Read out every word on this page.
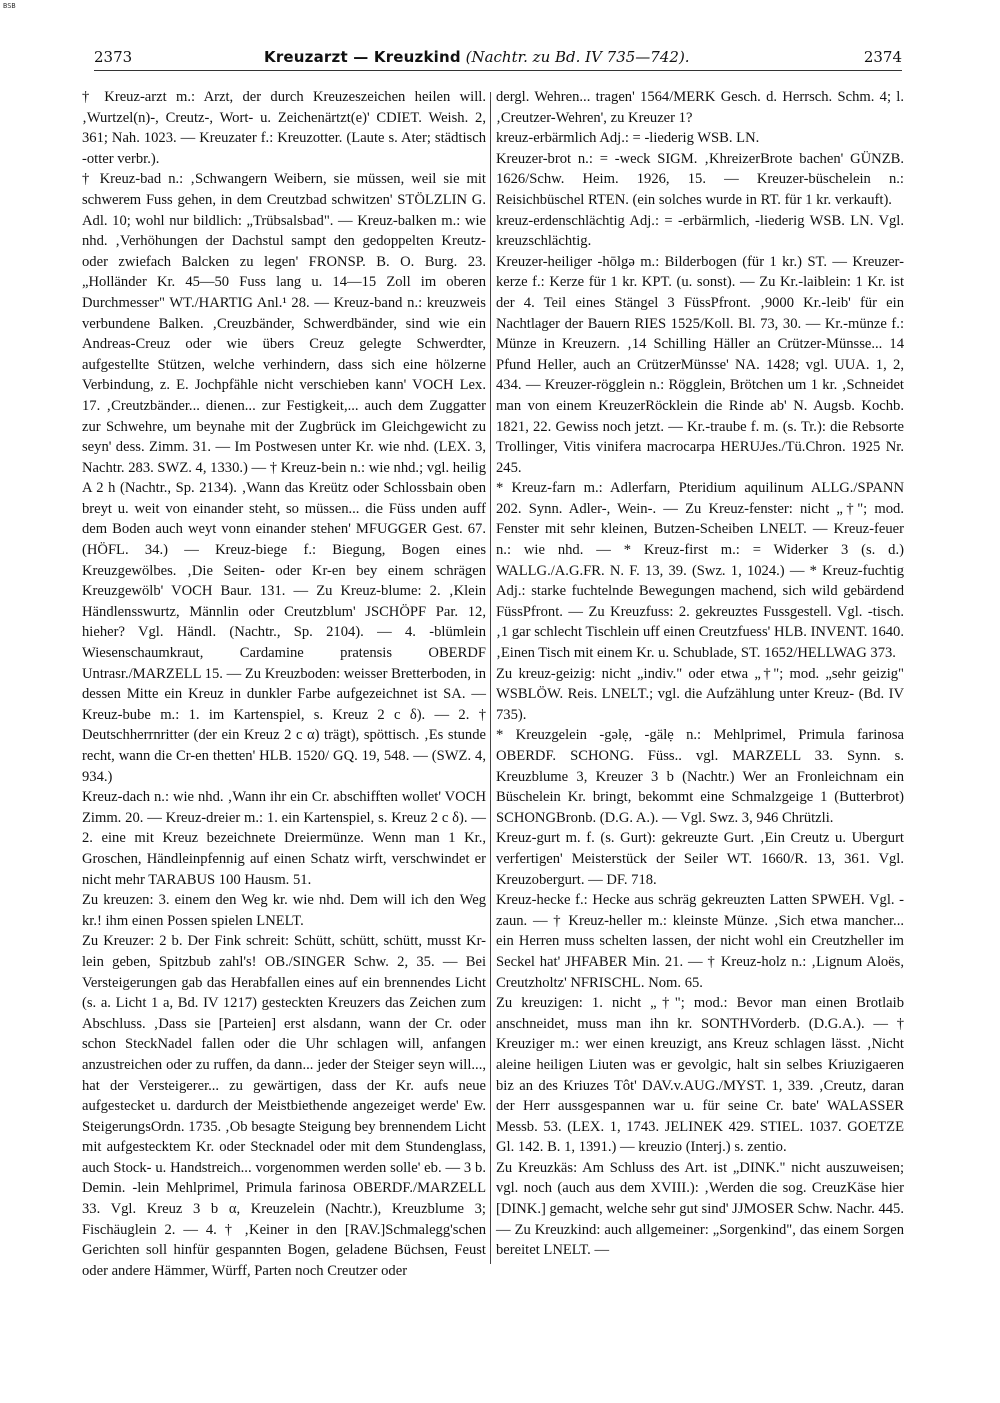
BSB
2373	Kreuzarzt — Kreuzkind (Nachtr. zu Bd. IV 735—742).	2374

† Kreuz-arzt m.: Arzt, der durch Kreuzeszeichen heilen will. ‚Wurtzel(n)-, Creutz-, Wort- u. Zeichenärtzt(e)' CDIET. Weish. 2, 361; Nah. 1023. — Kreuzater f.: Kreuzotter. (Laute s. Ater; städtisch -otter verbr.).

† Kreuz-bad n.: ‚Schwangern Weibern, sie müssen, weil sie mit schwerem Fuss gehen, in dem Creutzbad schwitzen' STÖLZLIN G. Adl. 10; wohl nur bildlich: „Trübsalsbad". — Kreuz-balken m.: wie nhd. ‚Verhöhungen der Dachstul sampt den gedoppelten Kreutz- oder zwiefach Balcken zu legen' FRONSP. B. O. Burg. 23. „Holländer Kr. 45—50 Fuss lang u. 14—15 Zoll im oberen Durchmesser" WT./HARTIG Anl.¹ 28. — Kreuz-band n.: kreuzweis verbundene Balken. ‚Creuzbänder, Schwerdbänder, sind wie ein Andreas-Creuz oder wie übers Creuz gelegte Schwerdter, aufgestellte Stützen, welche verhindern, dass sich eine hölzerne Verbindung, z. E. Jochpfähle nicht verschieben kann' VOCH Lex. 17. ‚Creutzbänder... dienen... zur Festigkeit,... auch dem Zuggatter zur Schwehre, um beynahe mit der Zugbrück im Gleichgewicht zu seyn' dess. Zimm. 31. — Im Postwesen unter Kr. wie nhd. (LEX. 3, Nachtr. 283. SWZ. 4, 1330.) — † Kreuz-bein n.: wie nhd.; vgl. heilig A 2 h (Nachtr., Sp. 2134). ‚Wann das Kreütz oder Schlossbain oben breyt u. weit von einander steht, so müssen... die Füss unden auff dem Boden auch weyt vonn einander stehen' MFUGGER Gest. 67. (HÖFL. 34.) — Kreuz-biege f.: Biegung, Bogen eines Kreuzgewölbes. ‚Die Seiten- oder Kr-en bey einem schrägen Kreuzgewölb' VOCH Baur. 131. — Zu Kreuz-blume: 2. ‚Klein Händlensswurtz, Männlin oder Creutzblum' JSCHÖPF Par. 12, hieher? Vgl. Händl. (Nachtr., Sp. 2104). — 4. -blümlein Wiesenschaumkraut, Cardamine pratensis OBERDF Untrasr./MARZELL 15. — Zu Kreuzboden: weisser Bretterboden, in dessen Mitte ein Kreuz in dunkler Farbe aufgezeichnet ist SA. — Kreuz-bube m.: 1. im Kartenspiel, s. Kreuz 2 c δ). — 2. † Deutschherrnritter (der ein Kreuz 2 c α) trägt), spöttisch. ‚Es stunde recht, wann die Cr-en thetten' HLB. 1520/ GQ. 19, 548. — (SWZ. 4, 934.)

Kreuz-dach n.: wie nhd. ‚Wann ihr ein Cr. abschifften wollet' VOCH Zimm. 20. — Kreuz-dreier m.: 1. ein Kartenspiel, s. Kreuz 2 c δ). — 2. eine mit Kreuz bezeichnete Dreiermünze. Wenn man 1 Kr., Groschen, Händleinpfennig auf einen Schatz wirft, verschwindet er nicht mehr TARABUS 100 Hausm. 51.

Zu kreuzen: 3. einem den Weg kr. wie nhd. Dem will ich den Weg kr.! ihm einen Possen spielen LNELT.

Zu Kreuzer: 2 b. Der Fink schreit: Schütt, schütt, schütt, musst Kr-lein geben, Spitzbub zahl's! OB./SINGER Schw. 2, 35. — Bei Versteigerungen gab das Herabfallen eines auf ein brennendes Licht (s. a. Licht 1 a, Bd. IV 1217) gesteckten Kreuzers das Zeichen zum Abschluss. ‚Dass sie [Parteien] erst alsdann, wann der Cr. oder schon SteckNadel fallen oder die Uhr schlagen will, anfangen anzustreichen oder zu ruffen, da dann... jeder der Steiger seyn will..., hat der Versteigerer... zu gewärtigen, dass der Kr. aufs neue aufgestecket u. dardurch der Meistbiethende angezeiget werde' Ew. SteigerungsOrdn. 1735. ‚Ob besagte Steigung bey brennendem Licht mit aufgestecktem Kr. oder Stecknadel oder mit dem Stundenglass, auch Stock- u. Handstreich... vorgenommen werden solle' eb. — 3 b. Demin. -lein Mehlprimel, Primula farinosa OBERDF./MARZELL 33. Vgl. Kreuz 3 b α, Kreuzelein (Nachtr.), Kreuzblume 3; Fischäuglein 2. — 4. † ‚Keiner in den [RAV.]Schmalegg'schen Gerichten soll hinfür gespannten Bogen, geladene Büchsen, Feust oder andere Hämmer, Würff, Parten noch Creutzer oder

dergl. Wehren... tragen' 1564/MERK Gesch. d. Herrsch. Schm. 4; l. ‚Creutzer-Wehren', zu Kreuzer 1?

kreuz-erbärmlich Adj.: = -liederig WSB. LN.

Kreuzer-brot n.: = -weck SIGM. ‚KhreizerBrote bachen' GÜNZB. 1626/Schw. Heim. 1926, 15. — Kreuzer-büschelein n.: Reisichbüschel RTEN. (ein solches wurde in RT. für 1 kr. verkauft).

kreuz-erdenschlächtig Adj.: = -erbärmlich, -liederig WSB. LN. Vgl. kreuzschlächtig.

Kreuzer-heiliger -hōlgə m.: Bilderbogen (für 1 kr.) ST. — Kreuzer-kerze f.: Kerze für 1 kr. KPT. (u. sonst). — Zu Kr.-laiblein: 1 Kr. ist der 4. Teil eines Stängel 3 FüssPfront. ‚9000 Kr.-leib' für ein Nachtlager der Bauern RIES 1525/Koll. Bl. 73, 30. — Kr.-münze f.: Münze in Kreuzern. ‚14 Schilling Häller an Crützer-Münsse... 14 Pfund Heller, auch an CrützerMünsse' NA. 1428; vgl. UUA. 1, 2, 434. — Kreuzer-rögglein n.: Rögglein, Brötchen um 1 kr. ‚Schneidet man von einem KreuzerRöcklein die Rinde ab' N. Augsb. Kochb. 1821, 22. Gewiss noch jetzt. — Kr.-traube f. m. (s. Tr.): die Rebsorte Trollinger, Vitis vinifera macrocarpa HERUJes./Tü.Chron. 1925 Nr. 245.

* Kreuz-farn m.: Adlerfarn, Pteridium aquilinum ALLG./SPANN 202. Synn. Adler-, Wein-. — Zu Kreuz-fenster: nicht „†"; mod. Fenster mit sehr kleinen, Butzen-Scheiben LNELT. — Kreuz-feuer n.: wie nhd. — * Kreuz-first m.: = Widerker 3 (s. d.) WALLG./A.G.FR. N. F. 13, 39. (Swz. 1, 1024.) — * Kreuz-fuchtig Adj.: starke fuchtelnde Bewegungen machend, sich wild gebärdend FüssPfront. — Zu Kreuzfuss: 2. gekreuztes Fussgestell. Vgl. -tisch. ‚1 gar schlecht Tischlein uff einen Creutzfuess' HLB. INVENT. 1640. ‚Einen Tisch mit einem Kr. u. Schublade, ST. 1652/HELLWAG 373.

Zu kreuz-geizig: nicht „indiv." oder etwa „†"; mod. „sehr geizig" WSBLÖW. Reis. LNELT.; vgl. die Aufzählung unter Kreuz- (Bd. IV 735).

* Kreuzgelein -gəlẹ, -gälẹ n.: Mehlprimel, Primula farinosa OBERDF. SCHONG. Füss.. vgl. MARZELL 33. Synn. s. Kreuzblume 3, Kreuzer 3 b (Nachtr.) Wer an Fronleichnam ein Büschelein Kr. bringt, bekommt eine Schmalzgeige 1 (Butterbrot) SCHONGBronb. (D.G. A.). — Vgl. Swz. 3, 946 Chrützli.

Kreuz-gurt m. f. (s. Gurt): gekreuzte Gurt. ‚Ein Creutz u. Ubergurt verfertigen' Meisterstück der Seiler WT. 1660/R. 13, 361. Vgl. Kreuzobergurt. — DF. 718.

Kreuz-hecke f.: Hecke aus schräg gekreuzten Latten SPWEH. Vgl. -zaun. — † Kreuz-heller m.: kleinste Münze. ‚Sich etwa mancher... ein Herren muss schelten lassen, der nicht wohl ein Creutzheller im Seckel hat' JHFABER Min. 21. — † Kreuz-holz n.: ‚Lignum Aloës, Creutzholtz' NFRISCHL. Nom. 65.

Zu kreuzigen: 1. nicht „†"; mod.: Bevor man einen Brotlaib anschneidet, muss man ihn kr. SONTHVorderb. (D.G.A.). — † Kreuziger m.: wer einen kreuzigt, ans Kreuz schlagen lässt. ‚Nicht aleine heiligen Liuten was er gevolgic, halt sin selbes Kriuzigaeren biz an des Kriuzes Tôt' DAV.v.AUG./MYST. 1, 339. ‚Creutz, daran der Herr aussgespannen war u. für seine Cr. bate' WALASSER Messb. 53. (LEX. 1, 1743. JELINEK 429. STIEL. 1037. GOETZE Gl. 142. B. 1, 1391.) — kreuzio (Interj.) s. zentio.

Zu Kreuzkäs: Am Schluss des Art. ist „DINK." nicht auszuweisen; vgl. noch (auch aus dem XVIII.): ‚Werden die sog. CreuzKäse hier [DINK.] gemacht, welche sehr gut sind' JJMOSER Schw. Nachr. 445. — Zu Kreuzkind: auch allgemeiner: „Sorgenkind", das einem Sorgen bereitet LNELT. —
